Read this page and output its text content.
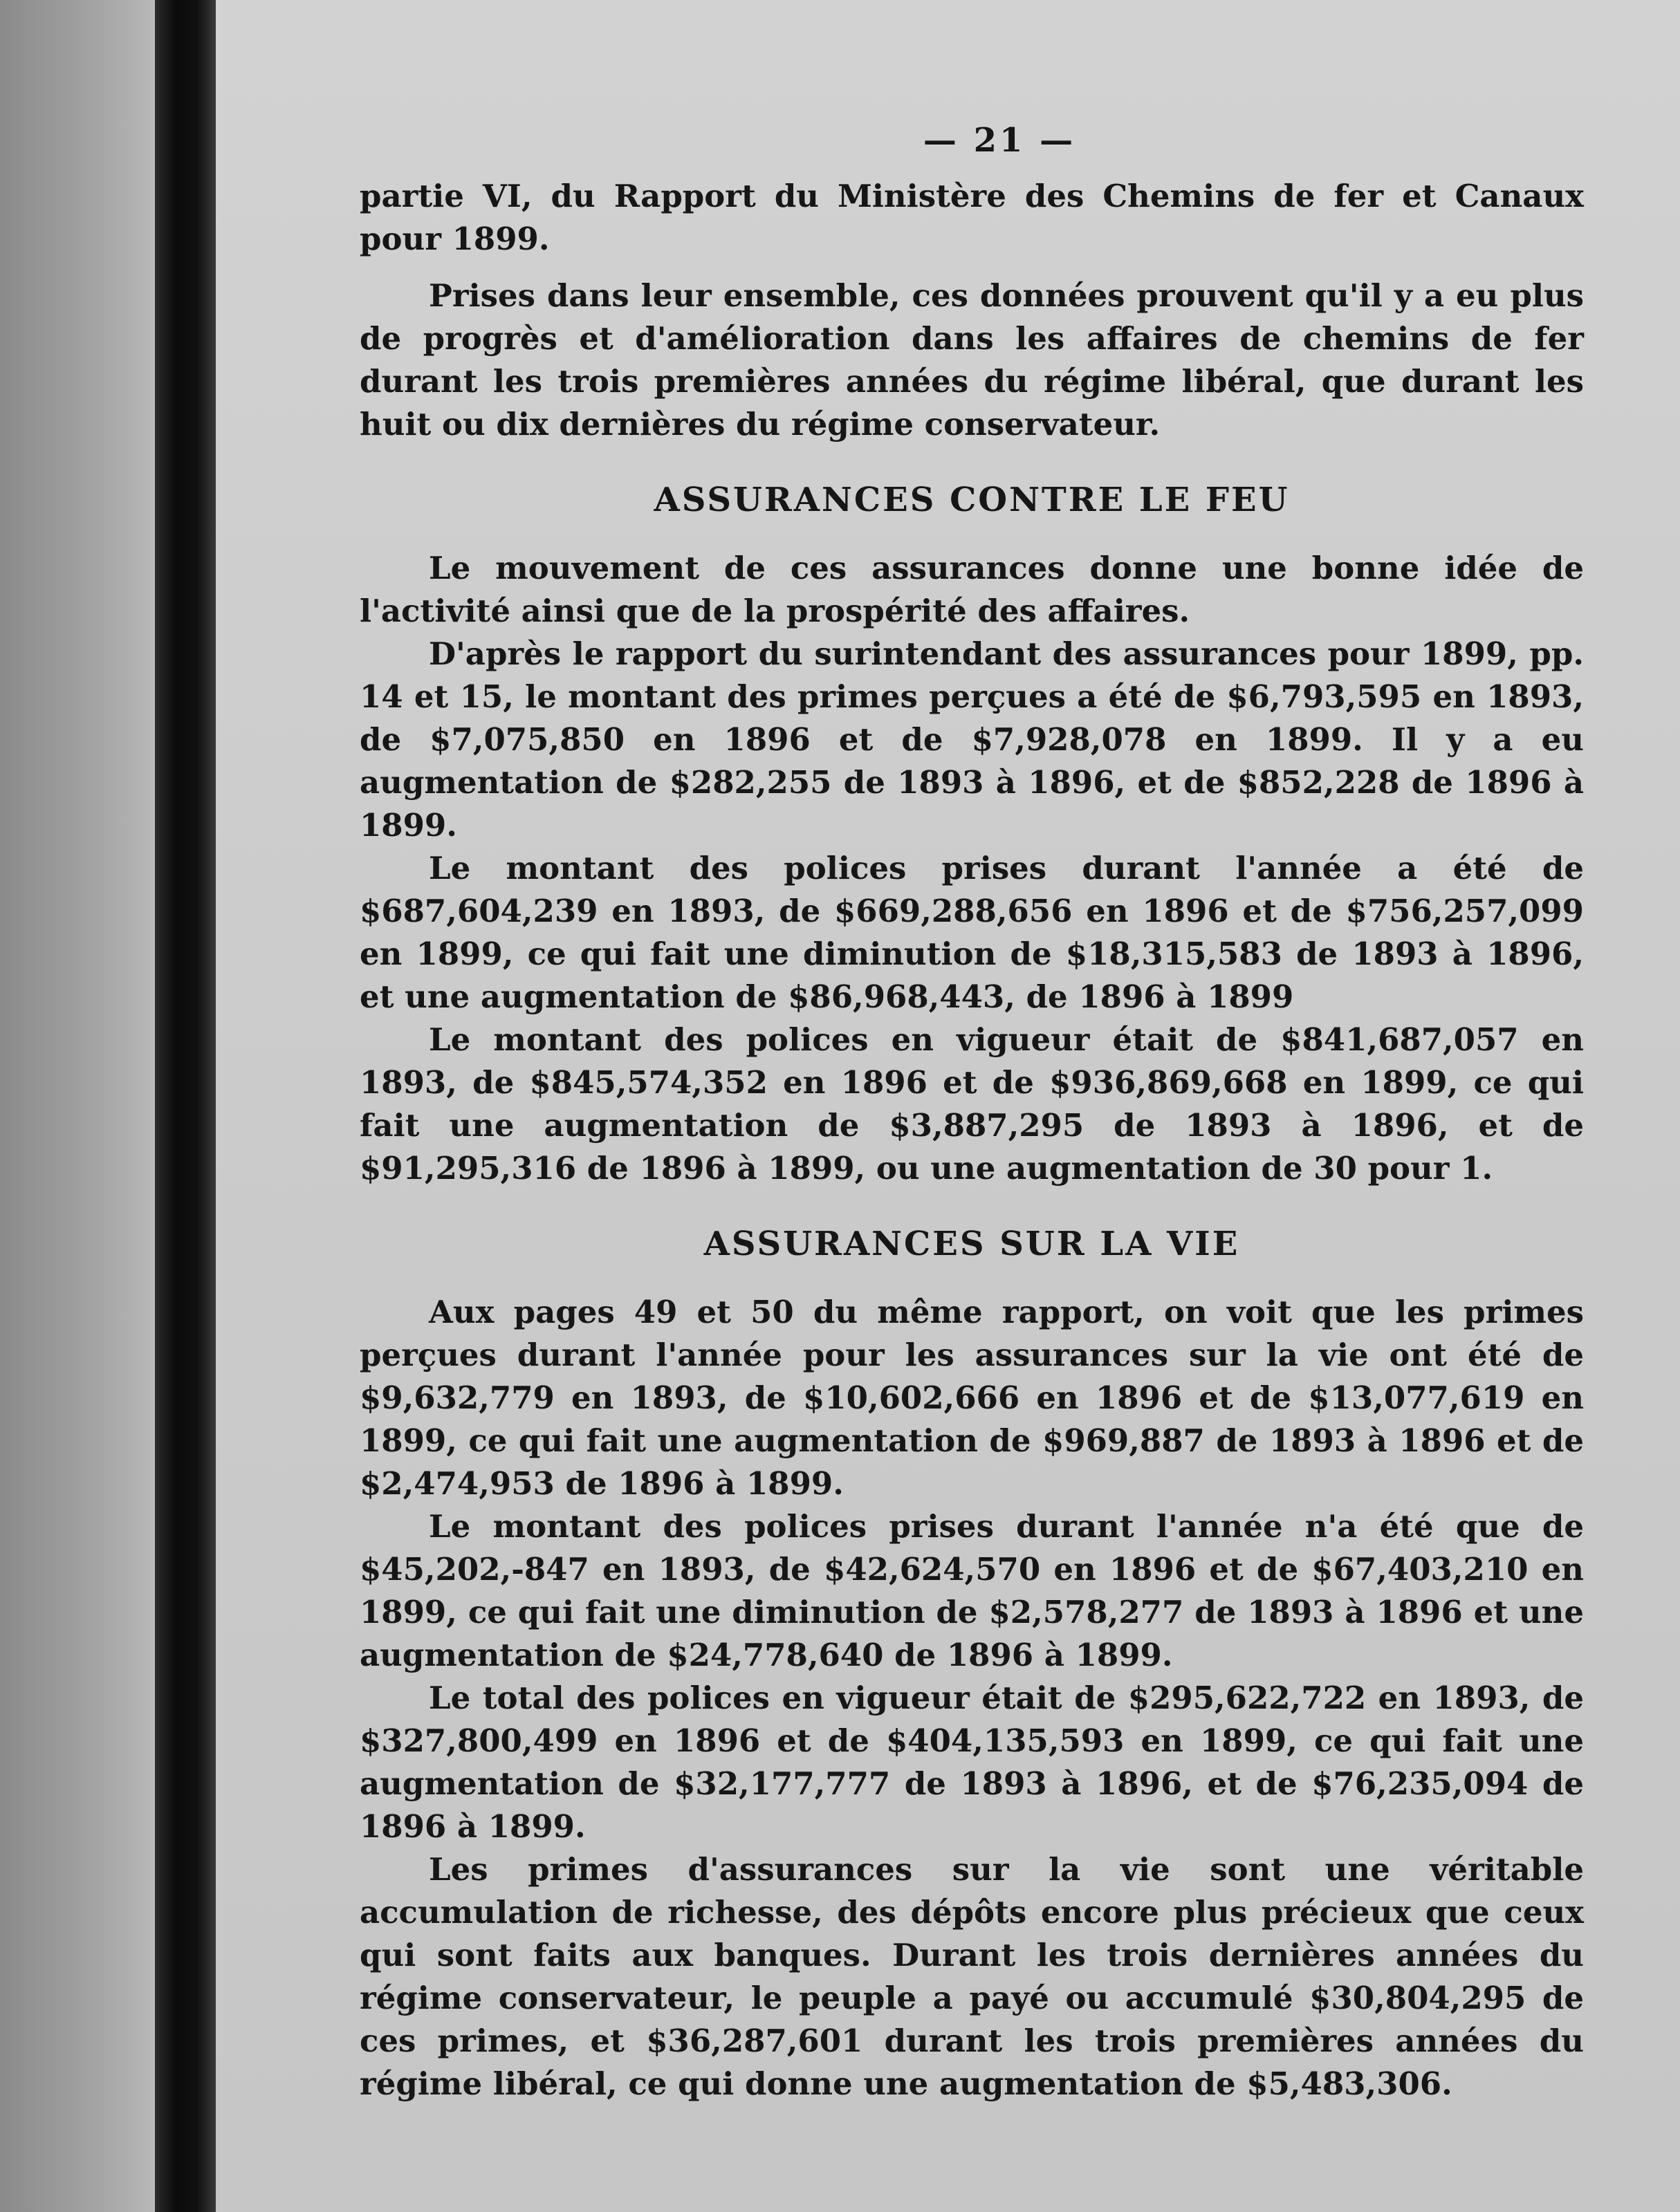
— 21 —

partie VI, du Rapport du Ministère des Chemins de fer et Canaux pour 1899.

Prises dans leur ensemble, ces données prouvent qu'il y a eu plus de progrès et d'amélioration dans les affaires de chemins de fer durant les trois premières années du régime libéral, que durant les huit ou dix dernières du régime conservateur.

ASSURANCES CONTRE LE FEU

Le mouvement de ces assurances donne une bonne idée de l'activité ainsi que de la prospérité des affaires.

D'après le rapport du surintendant des assurances pour 1899, pp. 14 et 15, le montant des primes perçues a été de $6,793,595 en 1893, de $7,075,850 en 1896 et de $7,928,078 en 1899. Il y a eu augmentation de $282,255 de 1893 à 1896, et de $852,228 de 1896 à 1899.

Le montant des polices prises durant l'année a été de $687,604,239 en 1893, de $669,288,656 en 1896 et de $756,257,099 en 1899, ce qui fait une diminution de $18,315,583 de 1893 à 1896, et une augmentation de $86,968,443, de 1896 à 1899

Le montant des polices en vigueur était de $841,687,057 en 1893, de $845,574,352 en 1896 et de $936,869,668 en 1899, ce qui fait une augmentation de $3,887,295 de 1893 à 1896, et de $91,295,316 de 1896 à 1899, ou une augmentation de 30 pour 1.

ASSURANCES SUR LA VIE

Aux pages 49 et 50 du même rapport, on voit que les primes perçues durant l'année pour les assurances sur la vie ont été de $9,632,779 en 1893, de $10,602,666 en 1896 et de $13,077,619 en 1899, ce qui fait une augmentation de $969,887 de 1893 à 1896 et de $2,474,953 de 1896 à 1899.

Le montant des polices prises durant l'année n'a été que de $45,202,-847 en 1893, de $42,624,570 en 1896 et de $67,403,210 en 1899, ce qui fait une diminution de $2,578,277 de 1893 à 1896 et une augmentation de $24,778,640 de 1896 à 1899.

Le total des polices en vigueur était de $295,622,722 en 1893, de $327,800,499 en 1896 et de $404,135,593 en 1899, ce qui fait une augmentation de $32,177,777 de 1893 à 1896, et de $76,235,094 de 1896 à 1899.

Les primes d'assurances sur la vie sont une véritable accumulation de richesse, des dépôts encore plus précieux que ceux qui sont faits aux banques. Durant les trois dernières années du régime conservateur, le peuple a payé ou accumulé $30,804,295 de ces primes, et $36,287,601 durant les trois premières années du régime libéral, ce qui donne une augmentation de $5,483,306.
